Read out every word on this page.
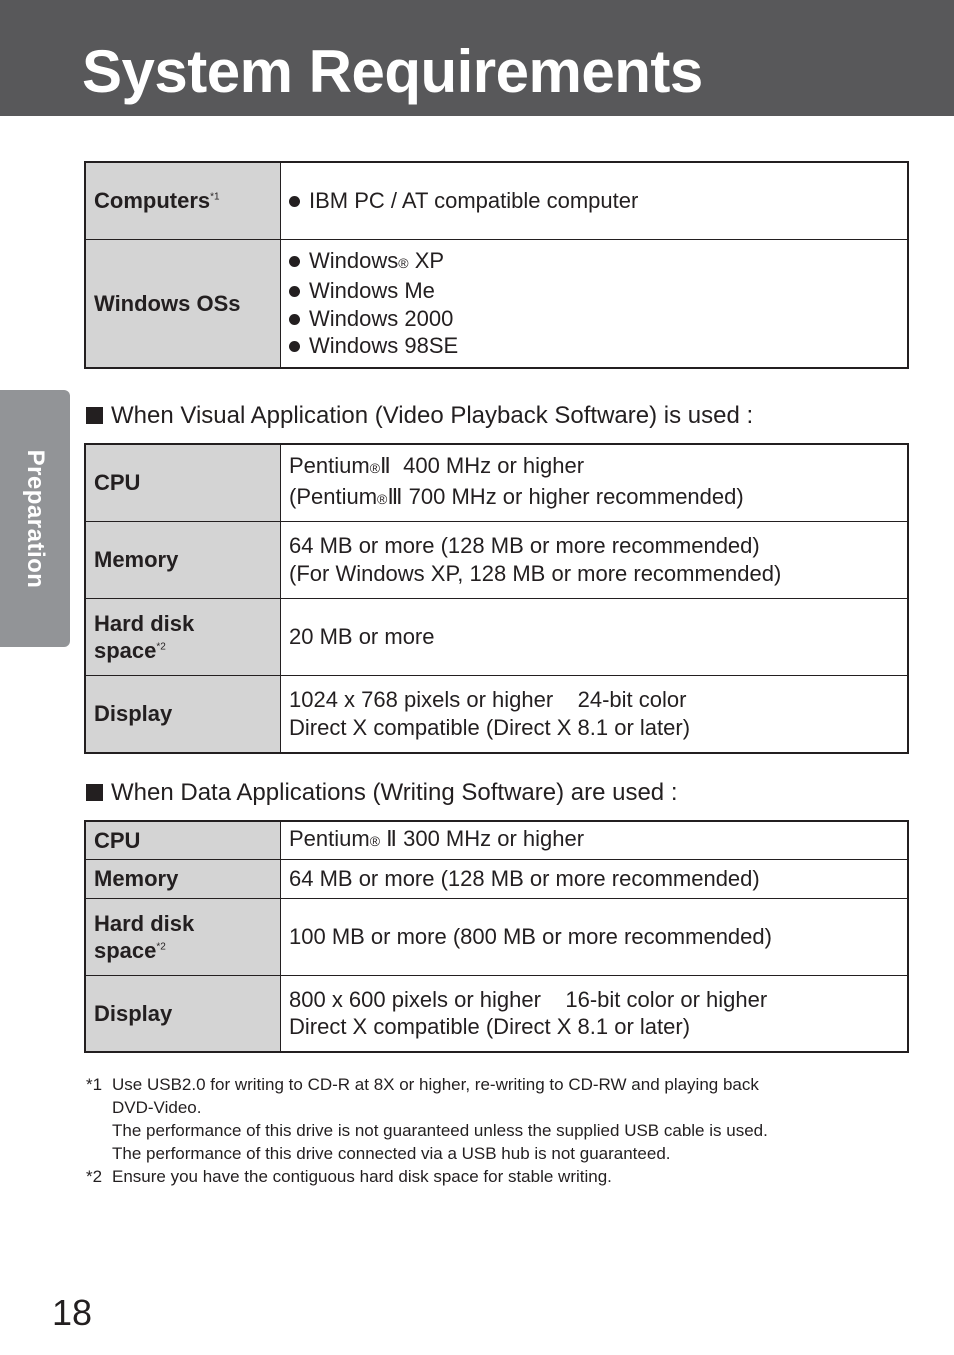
System Requirements
Preparation
Computers$^{*1}$	IBM PC / AT compatible computer

Windows OSs	Windows® XP
Windows Me
Windows 2000
Windows 98SE
When Visual Application (Video Playback Software) is used :
CPU	Pentium®Ⅱ  400 MHz or higher
(Pentium®Ⅲ 700 MHz or higher recommended)

Memory	64 MB or more (128 MB or more recommended)
(For Windows XP, 128 MB or more recommended)

Hard disk
space$^{*2}$	20 MB or more
Display	1024 x 768 pixels or higher    24-bit color
Direct X compatible (Direct X 8.1 or later)
When Data Applications (Writing Software) are used :
CPU	Pentium® Ⅱ 300 MHz or higher
Memory	64 MB or more (128 MB or more recommended)

Hard disk
space$^{*2}$	100 MB or more (800 MB or more recommended)
Display	800 x 600 pixels or higher    16-bit color or higher
Direct X compatible (Direct X 8.1 or later)
*1 Use USB2.0 for writing to CD-R at 8X or higher, re-writing to CD-RW and playing back
DVD-Video.
The performance of this drive is not guaranteed unless the supplied USB cable is used.
The performance of this drive connected via a USB hub is not guaranteed.
*2 Ensure you have the contiguous hard disk space for stable writing.
18
